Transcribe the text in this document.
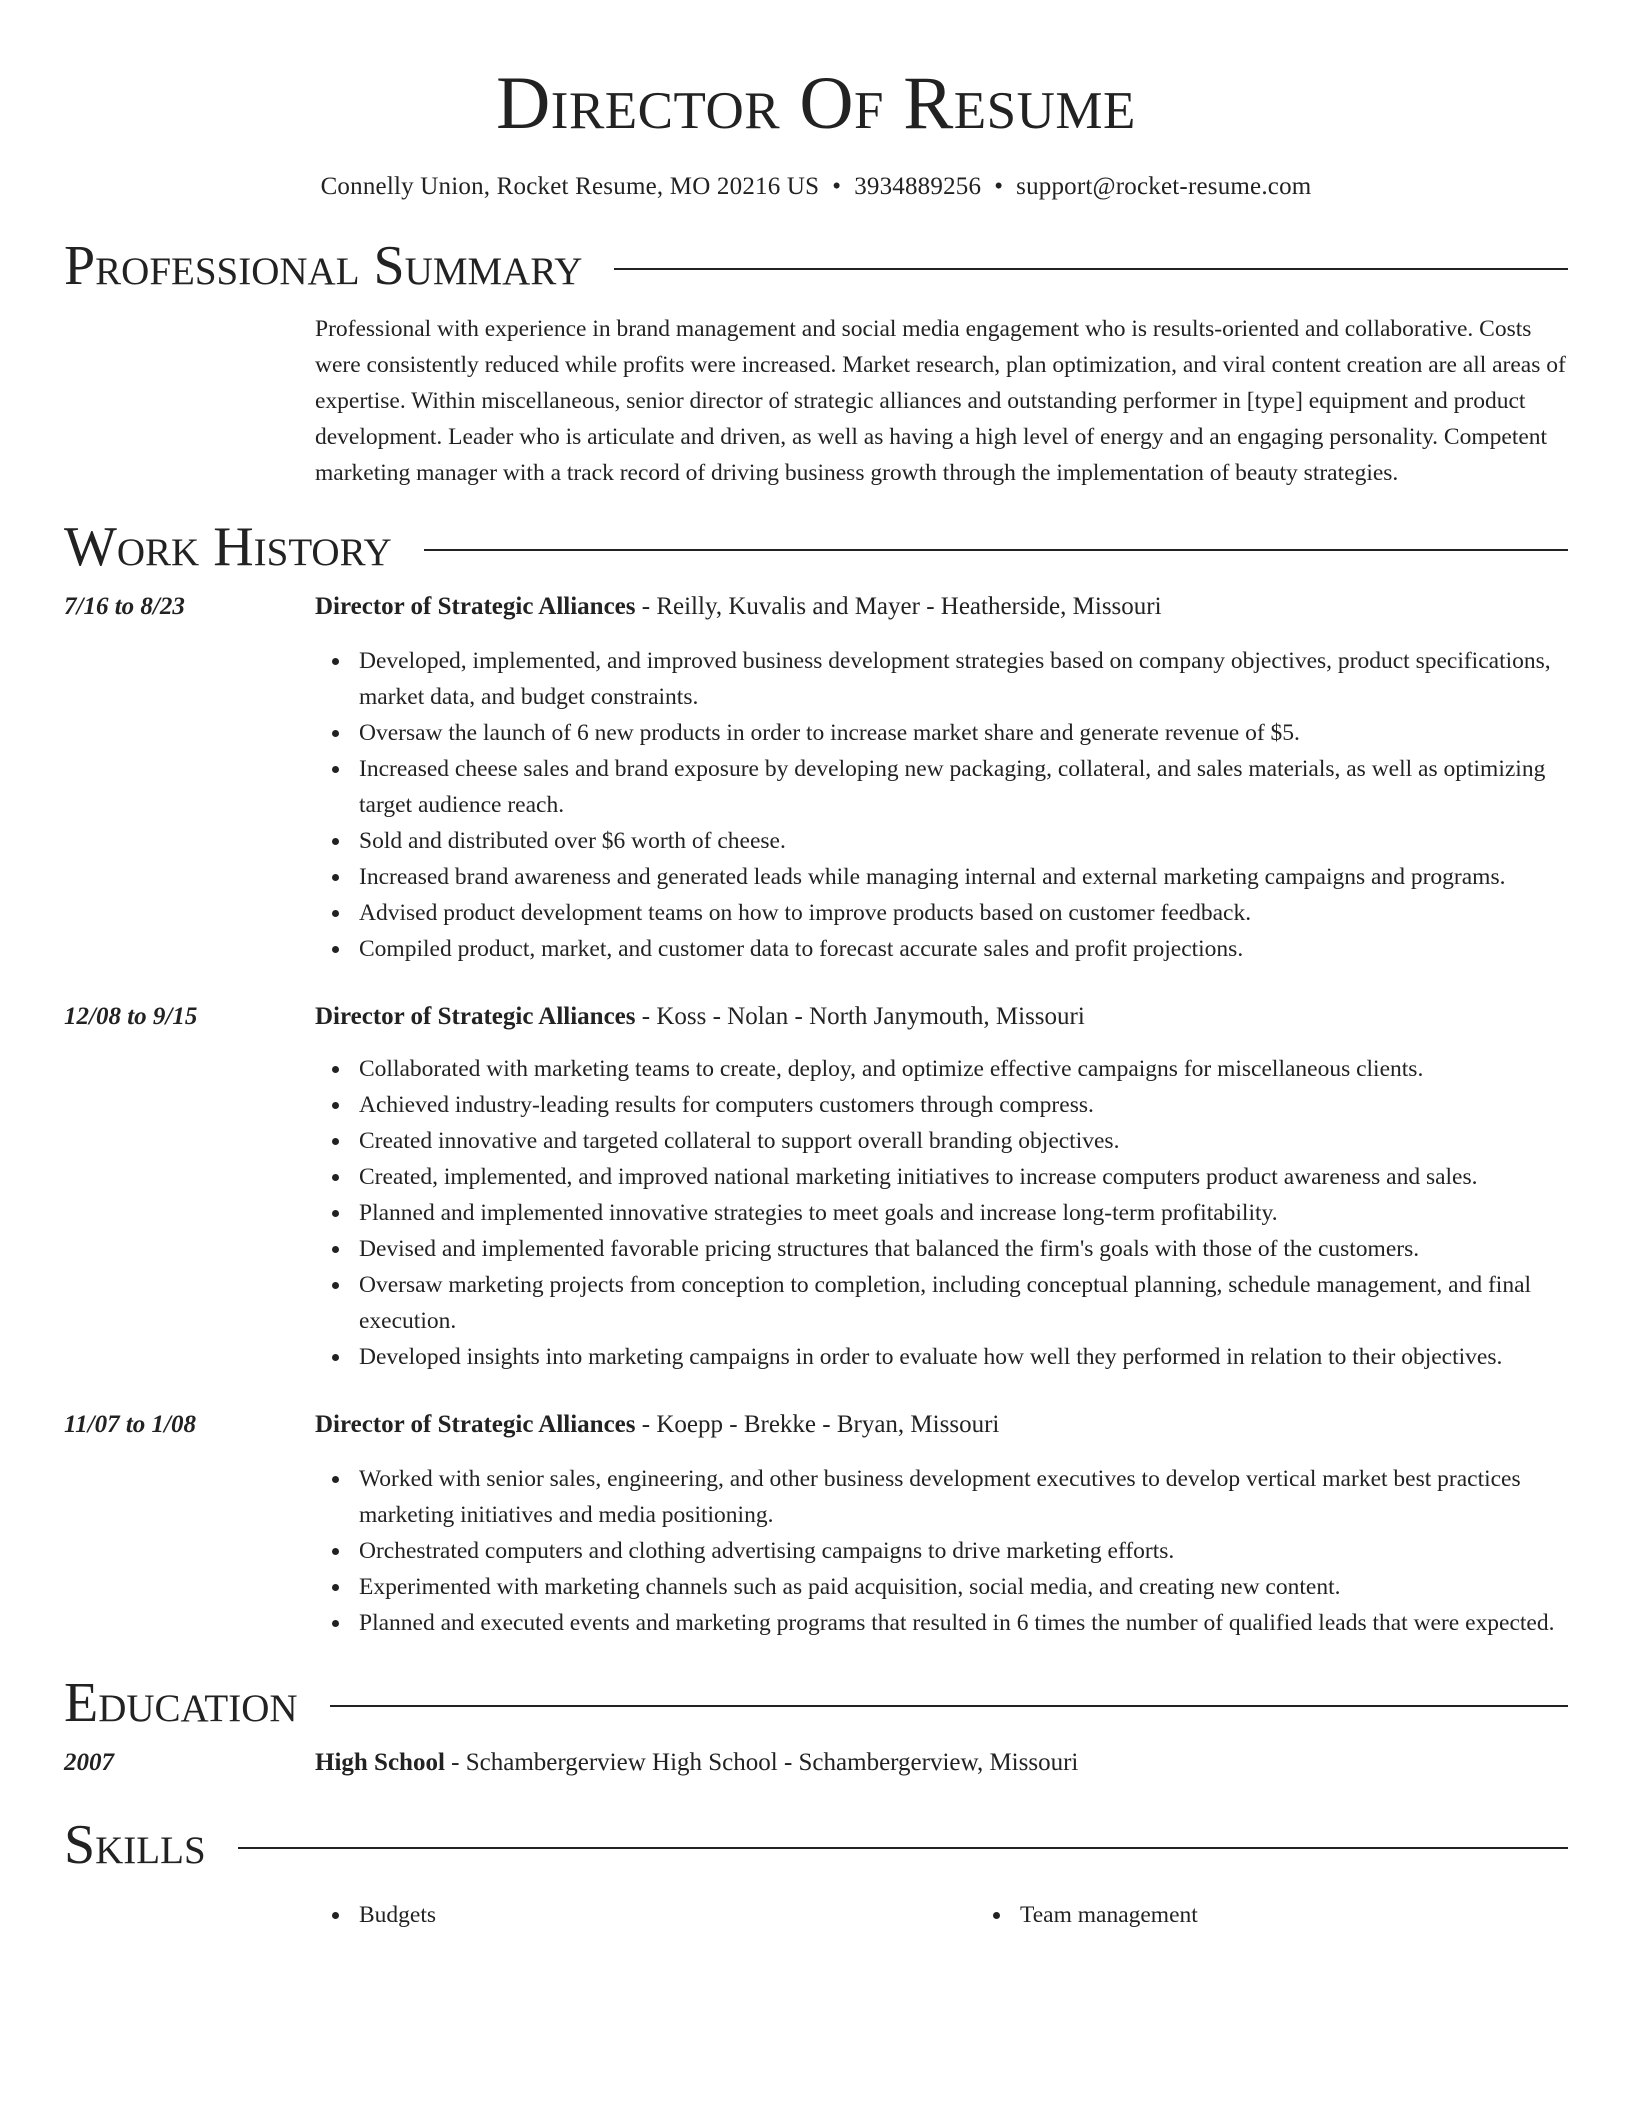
Director Of Resume
Connelly Union, Rocket Resume, MO 20216 US • 3934889256 • support@rocket-resume.com
Professional Summary
Professional with experience in brand management and social media engagement who is results-oriented and collaborative. Costs were consistently reduced while profits were increased. Market research, plan optimization, and viral content creation are all areas of expertise. Within miscellaneous, senior director of strategic alliances and outstanding performer in [type] equipment and product development. Leader who is articulate and driven, as well as having a high level of energy and an engaging personality. Competent marketing manager with a track record of driving business growth through the implementation of beauty strategies.
Work History
7/16 to 8/23	Director of Strategic Alliances - Reilly, Kuvalis and Mayer - Heatherside, Missouri
Developed, implemented, and improved business development strategies based on company objectives, product specifications, market data, and budget constraints.
Oversaw the launch of 6 new products in order to increase market share and generate revenue of $5.
Increased cheese sales and brand exposure by developing new packaging, collateral, and sales materials, as well as optimizing target audience reach.
Sold and distributed over $6 worth of cheese.
Increased brand awareness and generated leads while managing internal and external marketing campaigns and programs.
Advised product development teams on how to improve products based on customer feedback.
Compiled product, market, and customer data to forecast accurate sales and profit projections.
12/08 to 9/15	Director of Strategic Alliances - Koss - Nolan - North Janymouth, Missouri
Collaborated with marketing teams to create, deploy, and optimize effective campaigns for miscellaneous clients.
Achieved industry-leading results for computers customers through compress.
Created innovative and targeted collateral to support overall branding objectives.
Created, implemented, and improved national marketing initiatives to increase computers product awareness and sales.
Planned and implemented innovative strategies to meet goals and increase long-term profitability.
Devised and implemented favorable pricing structures that balanced the firm's goals with those of the customers.
Oversaw marketing projects from conception to completion, including conceptual planning, schedule management, and final execution.
Developed insights into marketing campaigns in order to evaluate how well they performed in relation to their objectives.
11/07 to 1/08	Director of Strategic Alliances - Koepp - Brekke - Bryan, Missouri
Worked with senior sales, engineering, and other business development executives to develop vertical market best practices marketing initiatives and media positioning.
Orchestrated computers and clothing advertising campaigns to drive marketing efforts.
Experimented with marketing channels such as paid acquisition, social media, and creating new content.
Planned and executed events and marketing programs that resulted in 6 times the number of qualified leads that were expected.
Education
2007	High School - Schambergerview High School - Schambergerview, Missouri
Skills
Budgets	Team management
